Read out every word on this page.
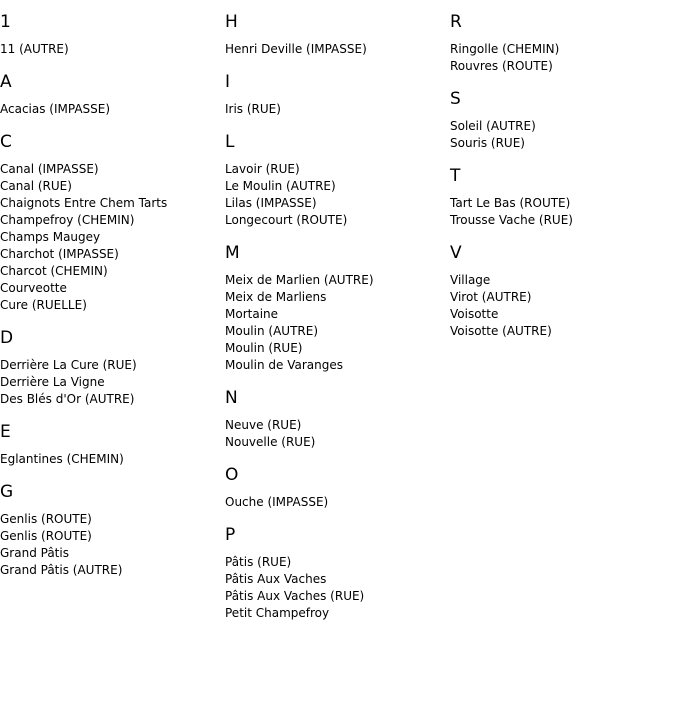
1
11 (AUTRE)
A
Acacias (IMPASSE)
C
Canal (IMPASSE)
Canal (RUE)
Chaignots Entre Chem Tarts
Champefroy (CHEMIN)
Champs Maugey
Charchot (IMPASSE)
Charcot (CHEMIN)
Courveotte
Cure (RUELLE)
D
Derrière La Cure (RUE)
Derrière La Vigne
Des Blés d'Or (AUTRE)
E
Eglantines (CHEMIN)
G
Genlis (ROUTE)
Genlis (ROUTE)
Grand Pâtis
Grand Pâtis (AUTRE)
H
Henri Deville (IMPASSE)
I
Iris (RUE)
L
Lavoir (RUE)
Le Moulin (AUTRE)
Lilas (IMPASSE)
Longecourt (ROUTE)
M
Meix de Marlien (AUTRE)
Meix de Marliens
Mortaine
Moulin (AUTRE)
Moulin (RUE)
Moulin de Varanges
N
Neuve (RUE)
Nouvelle (RUE)
O
Ouche (IMPASSE)
P
Pâtis (RUE)
Pâtis Aux Vaches
Pâtis Aux Vaches (RUE)
Petit Champefroy
R
Ringolle (CHEMIN)
Rouvres (ROUTE)
S
Soleil (AUTRE)
Souris (RUE)
T
Tart Le Bas (ROUTE)
Trousse Vache (RUE)
V
Village
Virot (AUTRE)
Voisotte
Voisotte (AUTRE)
